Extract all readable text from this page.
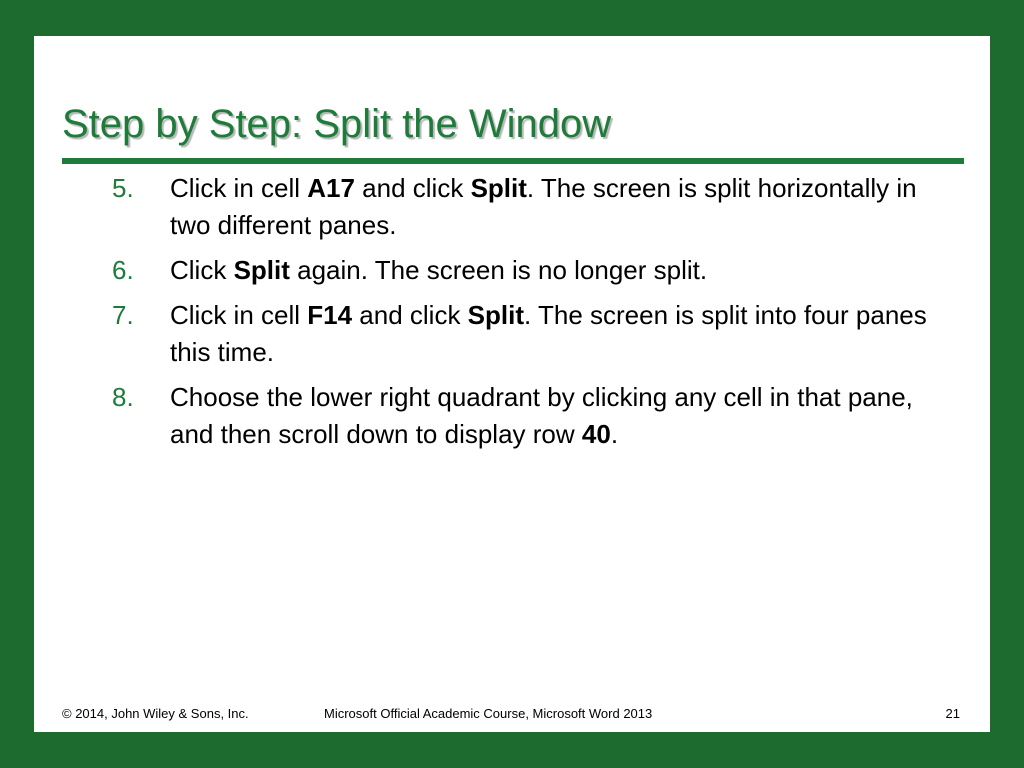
Step by Step: Split the Window
5.	Click in cell A17 and click Split. The screen is split horizontally in two different panes.
6.	Click Split again. The screen is no longer split.
7.	Click in cell F14 and click Split. The screen is split into four panes this time.
8.	Choose the lower right quadrant by clicking any cell in that pane, and then scroll down to display row 40.
© 2014, John Wiley & Sons, Inc.	Microsoft Official Academic Course, Microsoft Word 2013	21
